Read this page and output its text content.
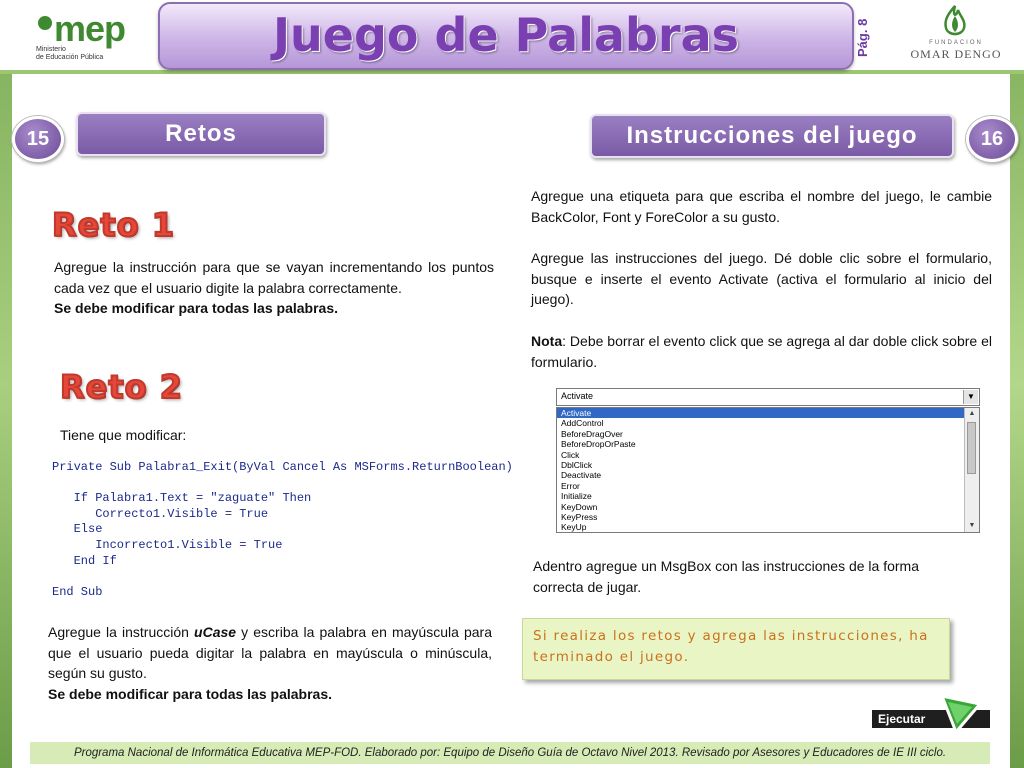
mep
Ministerio
de Educación Pública	Juego de Palabras	Pág. 8	FUNDACION
OMAR DENGO
15	Retos
Reto 1
Agregue la instrucción para que se vayan incrementando los puntos cada vez que el usuario digite la palabra correctamente.
Se debe modificar para todas las palabras.
Reto 2
Tiene que modificar:
Private Sub Palabra1_Exit(ByVal Cancel As MSForms.ReturnBoolean)

If Palabra1.Text = "zaguate" Then
Correcto1.Visible = True
Else
Incorrecto1.Visible = True
End If

End Sub
Agregue la instrucción uCase y escriba la palabra en mayúscula para que el usuario pueda digitar la palabra en mayúscula o minúscula, según su gusto.
Se debe modificar para todas las palabras.
Instrucciones del juego	16

Agregue una etiqueta para que escriba el nombre del juego, le cambie BackColor, Font y ForeColor a su gusto.

Agregue las instrucciones del juego. Dé doble clic sobre el formulario, busque e inserte el evento Activate (activa el formulario al inicio del juego).

Nota: Debe borrar el evento click que se agrega al dar doble click sobre el formulario.

Activate	▼
Activate
AddControl
BeforeDragOver
BeforeDropOrPaste
Click
DblClick
Deactivate
Error
Initialize
KeyDown
KeyPress
KeyUp
▲
▼

Adentro agregue un MsgBox con las instrucciones de la forma correcta de jugar.

Si realiza los retos y agrega las instrucciones, ha terminado el juego.
Ejecutar
Programa Nacional de Informática Educativa MEP-FOD. Elaborado por: Equipo de Diseño Guía de Octavo Nivel 2013. Revisado por Asesores y Educadores de IE III ciclo.
